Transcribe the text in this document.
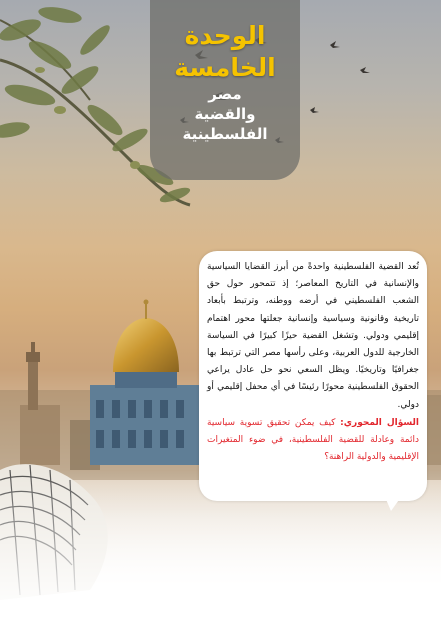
الوحدة الخامسة
مصر
والقضية الفلسطينية

تُعد القضية الفلسطينية واحدةً من أبرز القضايا السياسية والإنسانية في التاريخ المعاصر؛ إذ تتمحور حول حق الشعب الفلسطيني في أرضه ووطنه، وترتبط بأبعاد تاريخية وقانونية وسياسية وإنسانية جعلتها محور اهتمام إقليمي ودولي. وتشغل القضية حيزًا كبيرًا في السياسة الخارجية للدول العربية، وعلى رأسها مصر التي ترتبط بها جغرافيًا وتاريخيًا. ويظل السعي نحو حل عادل يراعي الحقوق الفلسطينية محورًا رئيسًا في أي محفل إقليمي أو دولي.

السؤال المحوري: كيف يمكن تحقيق تسوية سياسية دائمة وعادلة للقضية الفلسطينية، في ضوء المتغيرات الإقليمية والدولية الراهنة؟
